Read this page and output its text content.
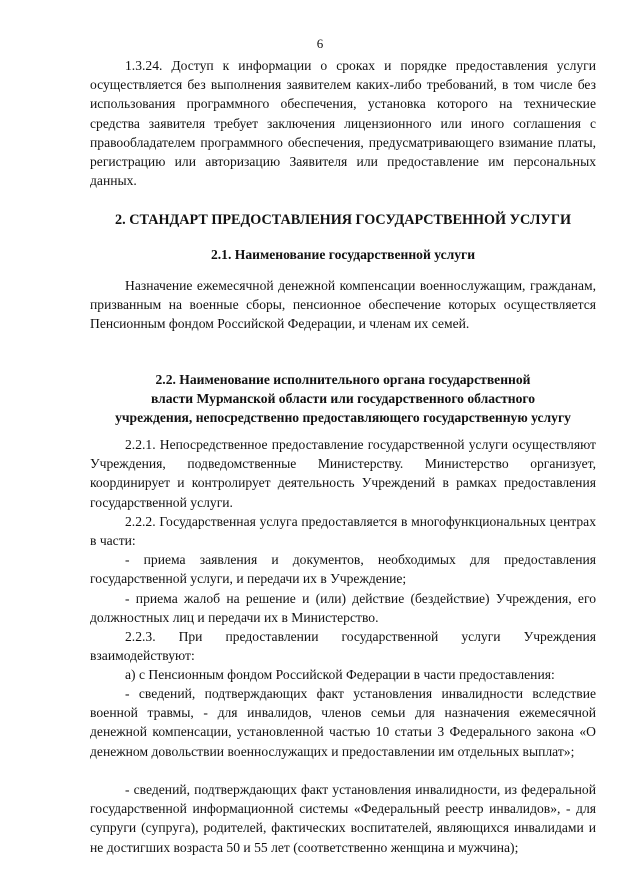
6

1.3.24. Доступ к информации о сроках и порядке предоставления услуги осуществляется без выполнения заявителем каких-либо требований, в том числе без использования программного обеспечения, установка которого на технические средства заявителя требует заключения лицензионного или иного соглашения с правообладателем программного обеспечения, предусматривающего взимание платы, регистрацию или авторизацию Заявителя или предоставление им персональных данных.

2. СТАНДАРТ ПРЕДОСТАВЛЕНИЯ ГОСУДАРСТВЕННОЙ УСЛУГИ

2.1. Наименование государственной услуги

Назначение ежемесячной денежной компенсации военнослужащим, гражданам, призванным на военные сборы, пенсионное обеспечение которых осуществляется Пенсионным фондом Российской Федерации, и членам их семей.

2.2. Наименование исполнительного органа государственной
власти Мурманской области или государственного областного
учреждения, непосредственно предоставляющего государственную услугу

2.2.1. Непосредственное предоставление государственной услуги осуществляют Учреждения, подведомственные Министерству. Министерство организует, координирует и контролирует деятельность Учреждений в рамках предоставления государственной услуги.

2.2.2. Государственная услуга предоставляется в многофункциональных центрах в части:

- приема заявления и документов, необходимых для предоставления государственной услуги, и передачи их в Учреждение;

- приема жалоб на решение и (или) действие (бездействие) Учреждения, его должностных лиц и передачи их в Министерство.

2.2.3. При предоставлении государственной услуги Учреждения взаимодействуют:

а) с Пенсионным фондом Российской Федерации в части предоставления:

- сведений, подтверждающих факт установления инвалидности вследствие военной травмы, - для инвалидов, членов семьи для назначения ежемесячной денежной компенсации, установленной частью 10 статьи 3 Федерального закона «О денежном довольствии военнослужащих и предоставлении им отдельных выплат»;

- сведений, подтверждающих факт установления инвалидности, из федеральной государственной информационной системы «Федеральный реестр инвалидов», - для супруги (супруга), родителей, фактических воспитателей, являющихся инвалидами и не достигших возраста 50 и 55 лет (соответственно женщина и мужчина);
